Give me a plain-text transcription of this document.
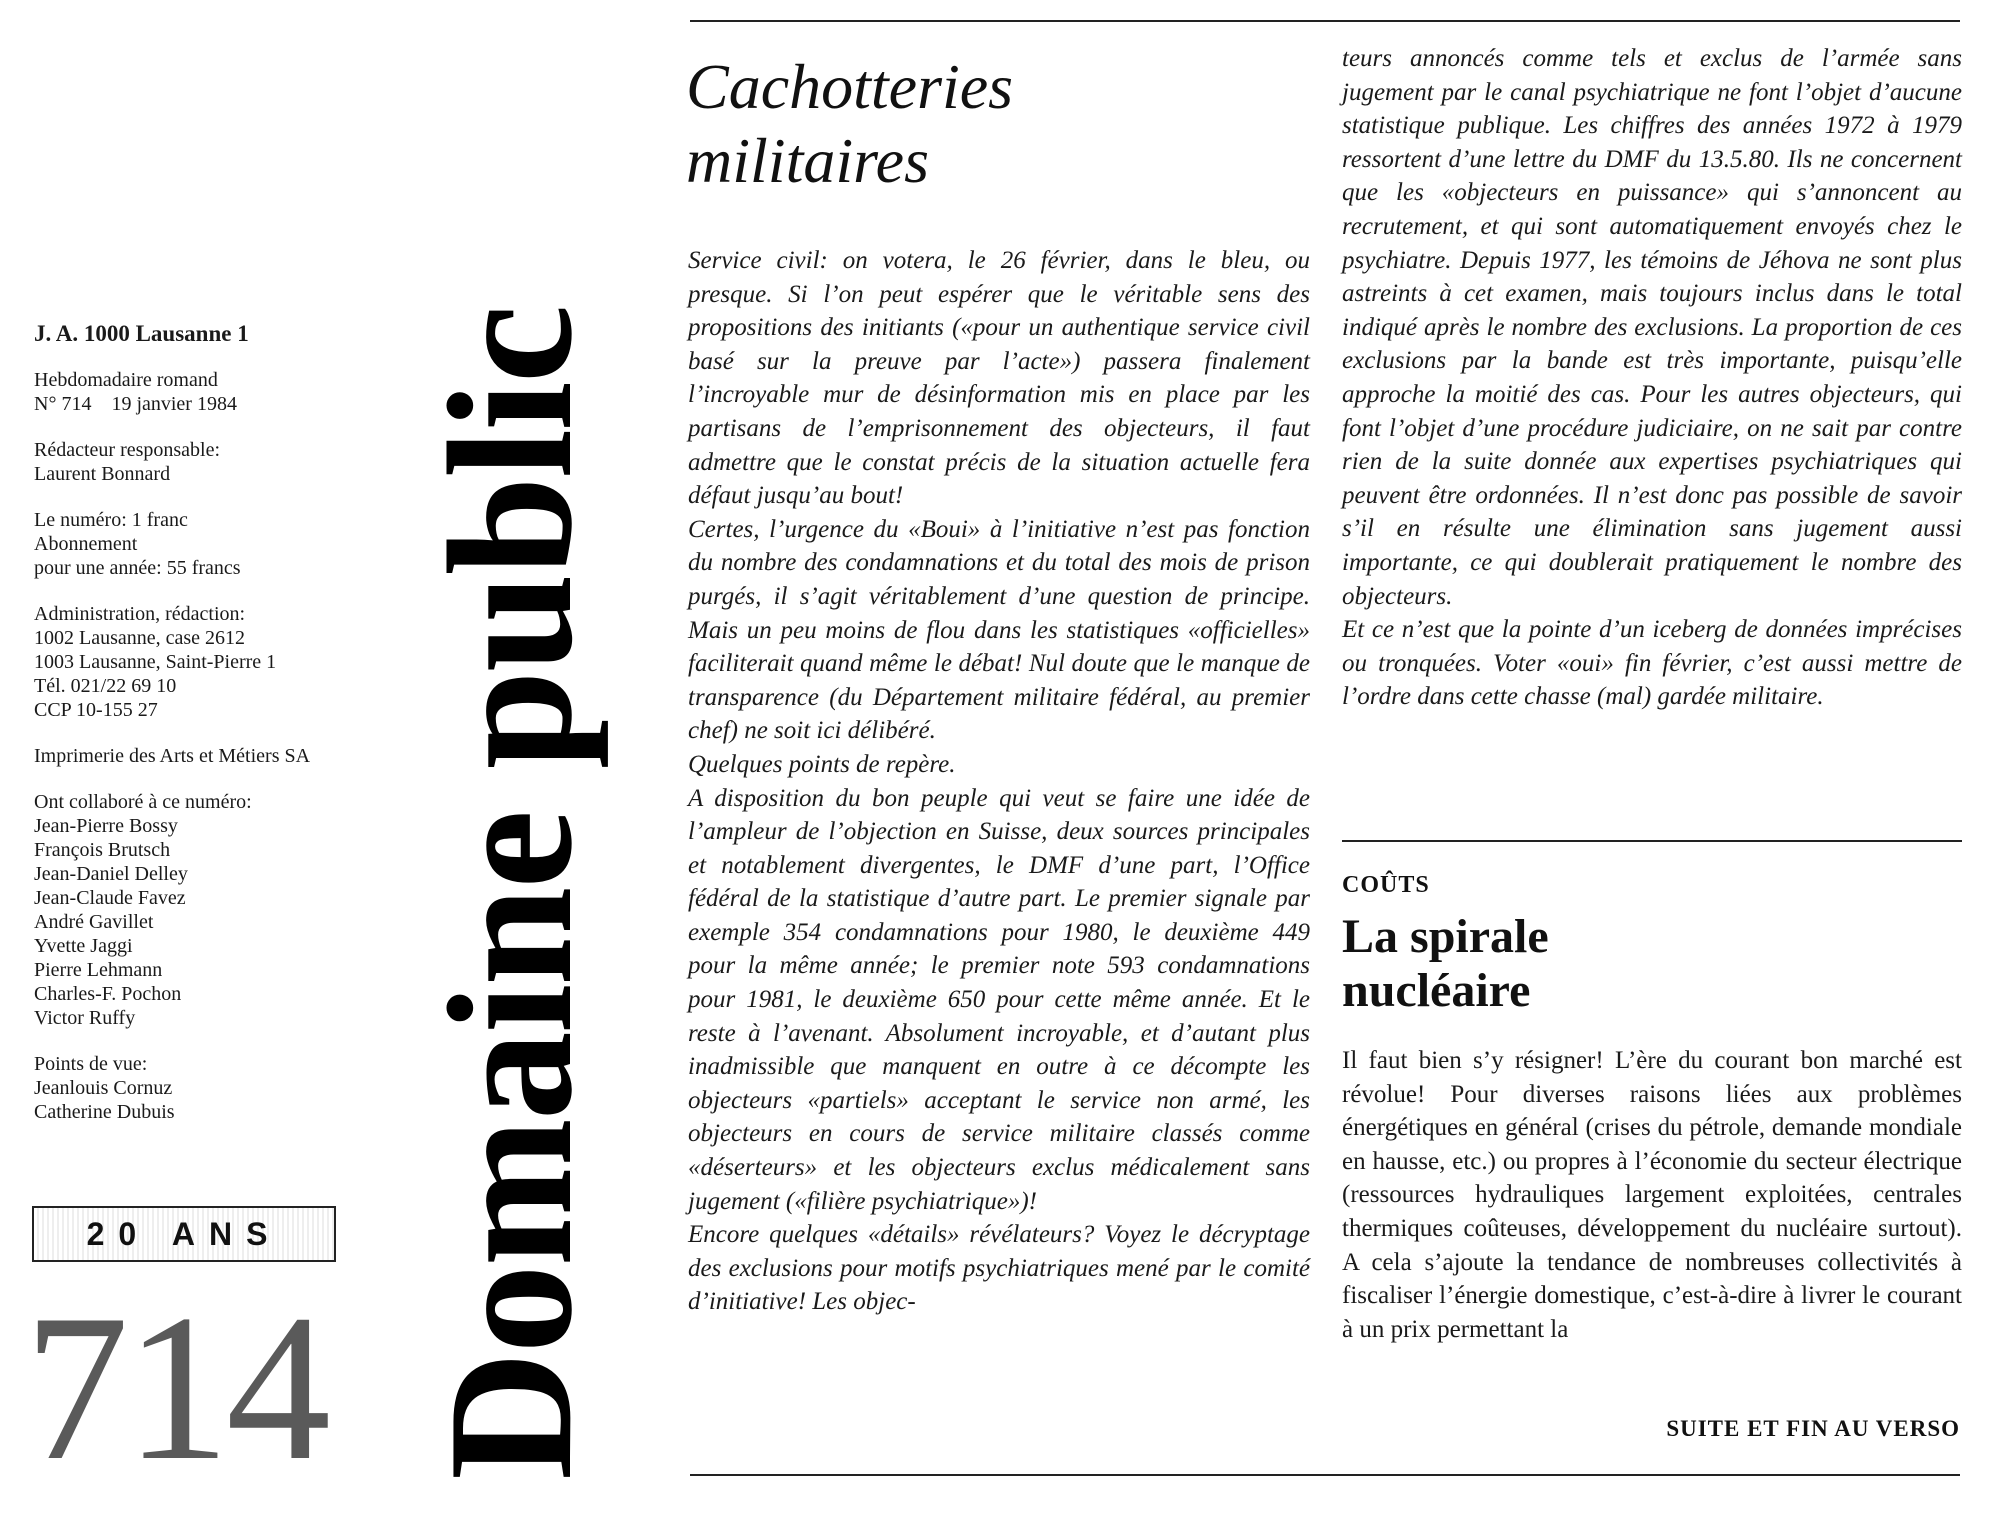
J. A. 1000 Lausanne 1
Hebdomadaire romand
N° 714    19 janvier 1984
Rédacteur responsable:
Laurent Bonnard
Le numéro: 1 franc
Abonnement
pour une année: 55 francs
Administration, rédaction:
1002 Lausanne, case 2612
1003 Lausanne, Saint-Pierre 1
Tél. 021/22 69 10
CCP 10-155 27
Imprimerie des Arts et Métiers SA
Ont collaboré à ce numéro:
Jean-Pierre Bossy
François Brutsch
Jean-Daniel Delley
Jean-Claude Favez
André Gavillet
Yvette Jaggi
Pierre Lehmann
Charles-F. Pochon
Victor Ruffy
Points de vue:
Jeanlouis Cornuz
Catherine Dubuis
20 ANS
714 Domaine public
Cachotteries
militaires

Service civil: on votera, le 26 février, dans le bleu, ou presque. Si l’on peut espérer que le véritable sens des propositions des initiants («pour un authentique service civil basé sur la preuve par l’acte») passera finalement l’incroyable mur de désinformation mis en place par les partisans de l’emprisonnement des objecteurs, il faut admettre que le constat précis de la situation actuelle fera défaut jusqu’au bout!

Certes, l’urgence du «Boui» à l’initiative n’est pas fonction du nombre des condamnations et du total des mois de prison purgés, il s’agit véritablement d’une question de principe. Mais un peu moins de flou dans les statistiques «officielles» faciliterait quand même le débat! Nul doute que le manque de transparence (du Département militaire fédéral, au premier chef) ne soit ici délibéré.

Quelques points de repère.

A disposition du bon peuple qui veut se faire une idée de l’ampleur de l’objection en Suisse, deux sources principales et notablement divergentes, le DMF d’une part, l’Office fédéral de la statistique d’autre part. Le premier signale par exemple 354 condamnations pour 1980, le deuxième 449 pour la même année; le premier note 593 condamnations pour 1981, le deuxième 650 pour cette même année. Et le reste à l’avenant. Absolument incroyable, et d’autant plus inadmissible que manquent en outre à ce décompte les objecteurs «partiels» acceptant le service non armé, les objecteurs en cours de service militaire classés comme «déserteurs» et les objecteurs exclus médicalement sans jugement («filière psychiatrique»)!

Encore quelques «détails» révélateurs? Voyez le décryptage des exclusions pour motifs psychiatriques mené par le comité d’initiative! Les objec-

teurs annoncés comme tels et exclus de l’armée sans jugement par le canal psychiatrique ne font l’objet d’aucune statistique publique. Les chiffres des années 1972 à 1979 ressortent d’une lettre du DMF du 13.5.80. Ils ne concernent que les «objecteurs en puissance» qui s’annoncent au recrutement, et qui sont automatiquement envoyés chez le psychiatre. Depuis 1977, les témoins de Jéhova ne sont plus astreints à cet examen, mais toujours inclus dans le total indiqué après le nombre des exclusions. La proportion de ces exclusions par la bande est très importante, puisqu’elle approche la moitié des cas. Pour les autres objecteurs, qui font l’objet d’une procédure judiciaire, on ne sait par contre rien de la suite donnée aux expertises psychiatriques qui peuvent être ordonnées. Il n’est donc pas possible de savoir s’il en résulte une élimination sans jugement aussi importante, ce qui doublerait pratiquement le nombre des objecteurs.

Et ce n’est que la pointe d’un iceberg de données imprécises ou tronquées. Voter «oui» fin février, c’est aussi mettre de l’ordre dans cette chasse (mal) gardée militaire.

COÛTS
La spirale
nucléaire

Il faut bien s’y résigner! L’ère du courant bon marché est révolue! Pour diverses raisons liées aux problèmes énergétiques en général (crises du pétrole, demande mondiale en hausse, etc.) ou propres à l’économie du secteur électrique (ressources hydrauliques largement exploitées, centrales thermiques coûteuses, développement du nucléaire surtout). A cela s’ajoute la tendance de nombreuses collectivités à fiscaliser l’énergie domestique, c’est-à-dire à livrer le courant à un prix permettant la

SUITE ET FIN AU VERSO
